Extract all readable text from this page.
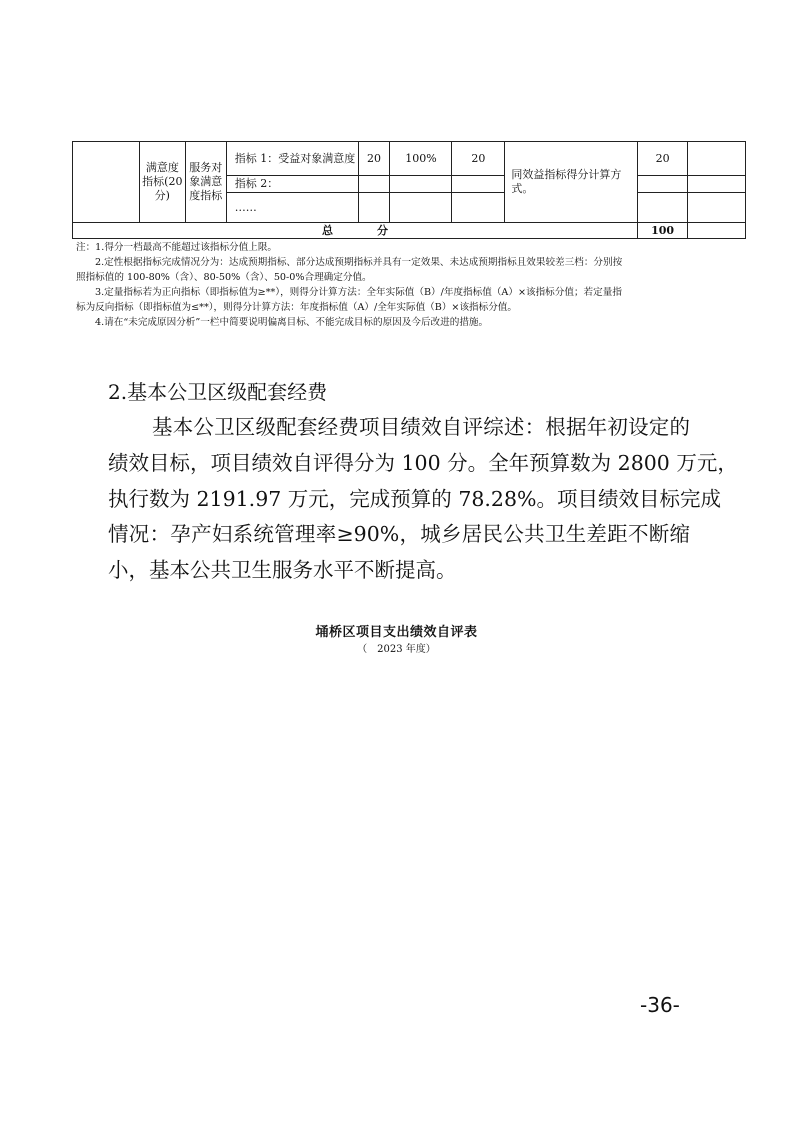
	满意度指标(20分)	服务对象满意度指标	指标 1：受益对象满意度	20	100%	20	同效益指标得分计算方式。	20	
			指标 2：						
			……						
总　　　　分								100	
注：1.得分一档最高不能超过该指标分值上限。
2.定性根据指标完成情况分为：达成预期指标、部分达成预期指标并具有一定效果、未达成预期指标且效果较差三档：分别按
照指标值的 100-80%（含）、80-50%（含）、50-0%合理确定分值。
3.定量指标若为正向指标（即指标值为≥**），则得分计算方法：全年实际值（B）/年度指标值（A）×该指标分值；若定量指
标为反向指标（即指标值为≤**），则得分计算方法：年度指标值（A）/全年实际值（B）×该指标分值。
4.请在“未完成原因分析”一栏中简要说明偏离目标、不能完成目标的原因及今后改进的措施。
2.基本公卫区级配套经费
基本公卫区级配套经费项目绩效自评综述：根据年初设定的
绩效目标，项目绩效自评得分为 100 分。全年预算数为 2800 万元，
执行数为 2191.97 万元，完成预算的 78.28%。项目绩效目标完成
情况：孕产妇系统管理率≥90%，城乡居民公共卫生差距不断缩
小，基本公共卫生服务水平不断提高。
埇桥区项目支出绩效自评表
（　2023 年度）
-36-
